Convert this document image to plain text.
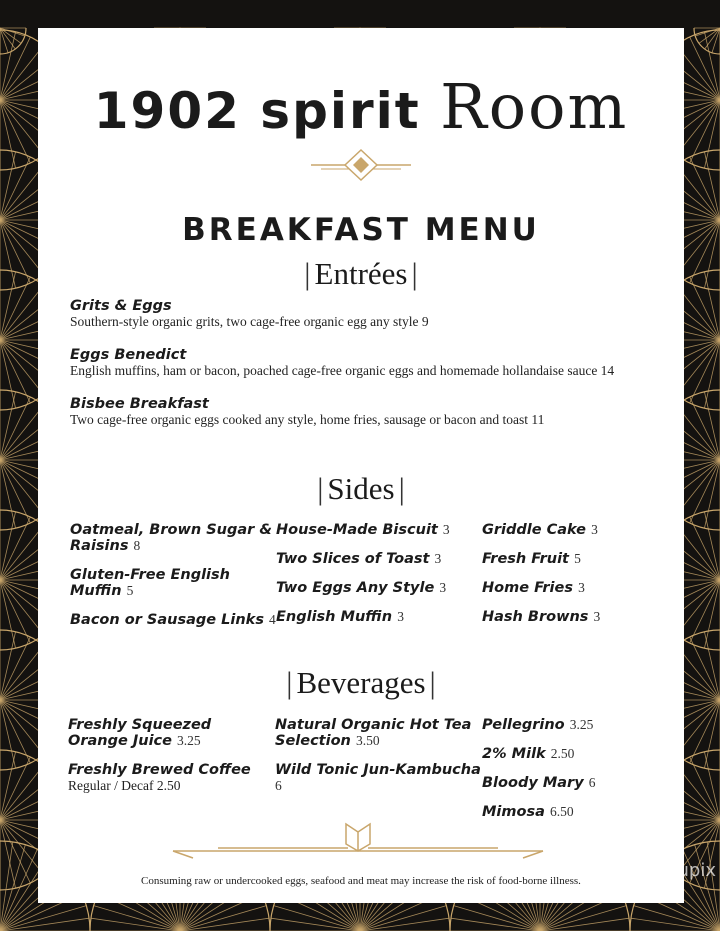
1902 spirit Room
BREAKFAST MENU
| Entrées |
Grits & Eggs
Southern-style organic grits, two cage-free organic egg any style 9
Eggs Benedict
English muffins, ham or bacon, poached cage-free organic eggs and homemade hollandaise sauce 14
Bisbee Breakfast
Two cage-free organic eggs cooked any style, home fries, sausage or bacon and toast 11
| Sides |
Oatmeal, Brown Sugar & Raisins 8
Gluten-Free English Muffin 5
Bacon or Sausage Links 4
House-Made Biscuit 3
Two Slices of Toast 3
Two Eggs Any Style 3
English Muffin 3
Griddle Cake 3
Fresh Fruit 5
Home Fries 3
Hash Browns 3
| Beverages |
Freshly Squeezed Orange Juice 3.25
Freshly Brewed Coffee
Regular / Decaf 2.50
Natural Organic Hot Tea Selection 3.50
Wild Tonic Jun-Kambucha 6
Pellegrino 3.25
2% Milk 2.50
Bloody Mary 6
Mimosa 6.50
Consuming raw or undercooked eggs, seafood and meat may increase the risk of food-borne illness.	menupix
